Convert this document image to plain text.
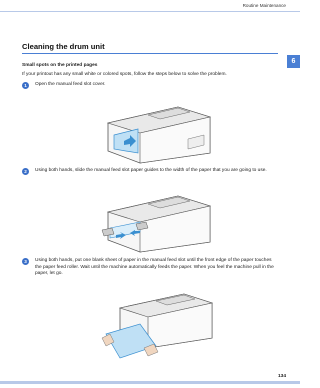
Routine Maintenance
6
Cleaning the drum unit
Small spots on the printed pages
If your printout has any small white or colored spots, follow the steps below to solve the problem.
1	Open the manual feed slot cover.
2	Using both hands, slide the manual feed slot paper guides to the width of the paper that you are going to use.
3	Using both hands, put one blank sheet of paper in the manual feed slot until the front edge of the paper touches the paper feed roller. Wait until the machine automatically feeds the paper. When you feel the machine pull in the paper, let go.
134
